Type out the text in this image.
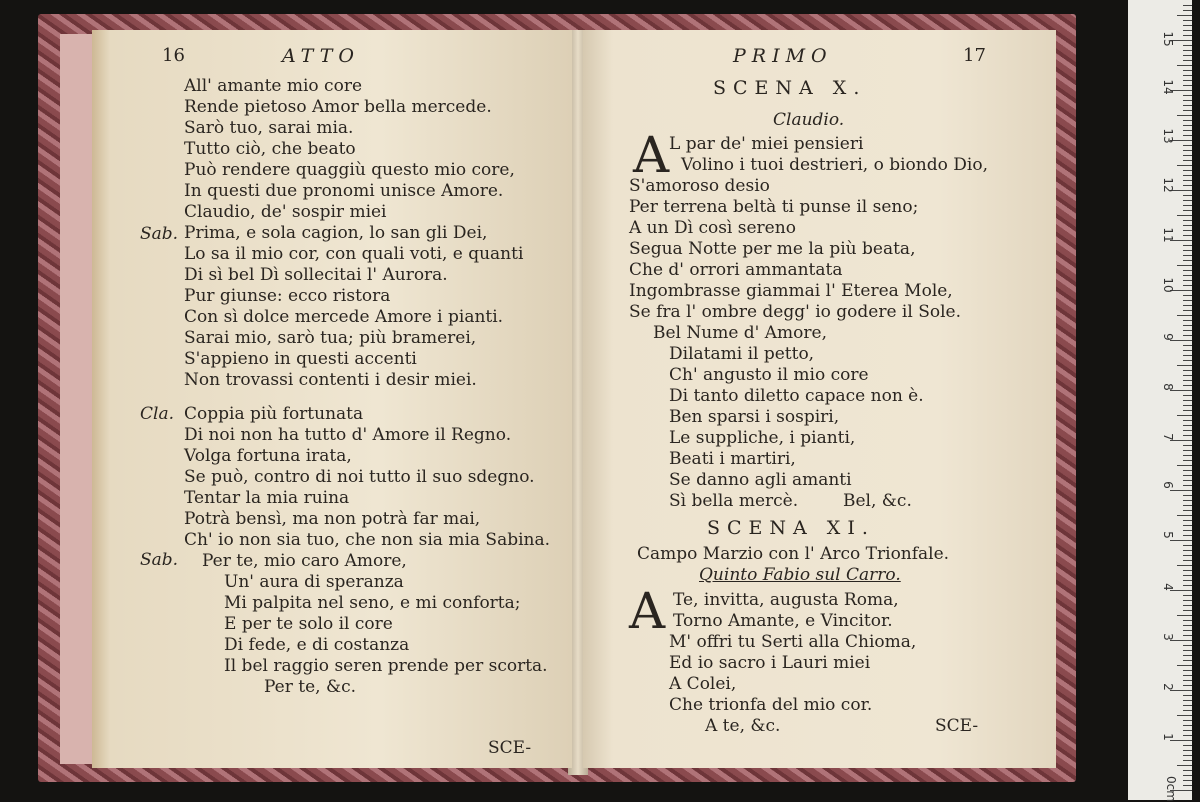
16	ATTO
Sab.
Cla.
Sab.
All' amante mio core
Rende pietoso Amor bella mercede.
Sarò tuo, sarai mia.
Tutto ciò, che beato
Può rendere quaggiù questo mio core,
In questi due pronomi unisce Amore.
Claudio, de' sospir miei
Prima, e sola cagion, lo san gli Dei,
Lo sa il mio cor, con quali voti, e quanti
Di sì bel Dì sollecitai l' Aurora.
Pur giunse: ecco ristora
Con sì dolce mercede Amore i pianti.
Sarai mio, sarò tua; più bramerei,
S'appieno in questi accenti
Non trovassi contenti i desir miei.
Coppia più fortunata
Di noi non ha tutto d' Amore il Regno.
Volga fortuna irata,
Se può, contro di noi tutto il suo sdegno.
Tentar la mia ruina
Potrà bensì, ma non potrà far mai,
Ch' io non sia tuo, che non sia mia Sabina.
Per te, mio caro Amore,
Un' aura di speranza
Mi palpita nel seno, e mi conforta;
E per te solo il core
Di fede, e di costanza
Il bel raggio seren prende per scorta.
Per te, &c.
SCE-
PRIMO	17
SCENA X.
Claudio.
A L par de' miei pensieri
Volino i tuoi destrieri, o biondo Dio,
S'amoroso desio
Per terrena beltà ti punse il seno;
A un Dì così sereno
Segua Notte per me la più beata,
Che d' orrori ammantata
Ingombrasse giammai l' Eterea Mole,
Se fra l' ombre degg' io godere il Sole.
Bel Nume d' Amore,
Dilatami il petto,
Ch' angusto il mio core
Di tanto diletto capace non è.
Ben sparsi i sospiri,
Le suppliche, i pianti,
Beati i martiri,
Se danno agli amanti
Sì bella mercè.	Bel, &c.
SCENA XI.
Campo Marzio con l' Arco Trionfale.
Quinto Fabio sul Carro.
A Te, invitta, augusta Roma,
Torno Amante, e Vincitor.
M' offri tu Serti alla Chioma,
Ed io sacro i Lauri miei
A Colei,
Che trionfa del mio cor.
A te, &c.	SCE-
15
14
13
12
11
10
9
8
7
6
5
4
3
2
1
0cm
